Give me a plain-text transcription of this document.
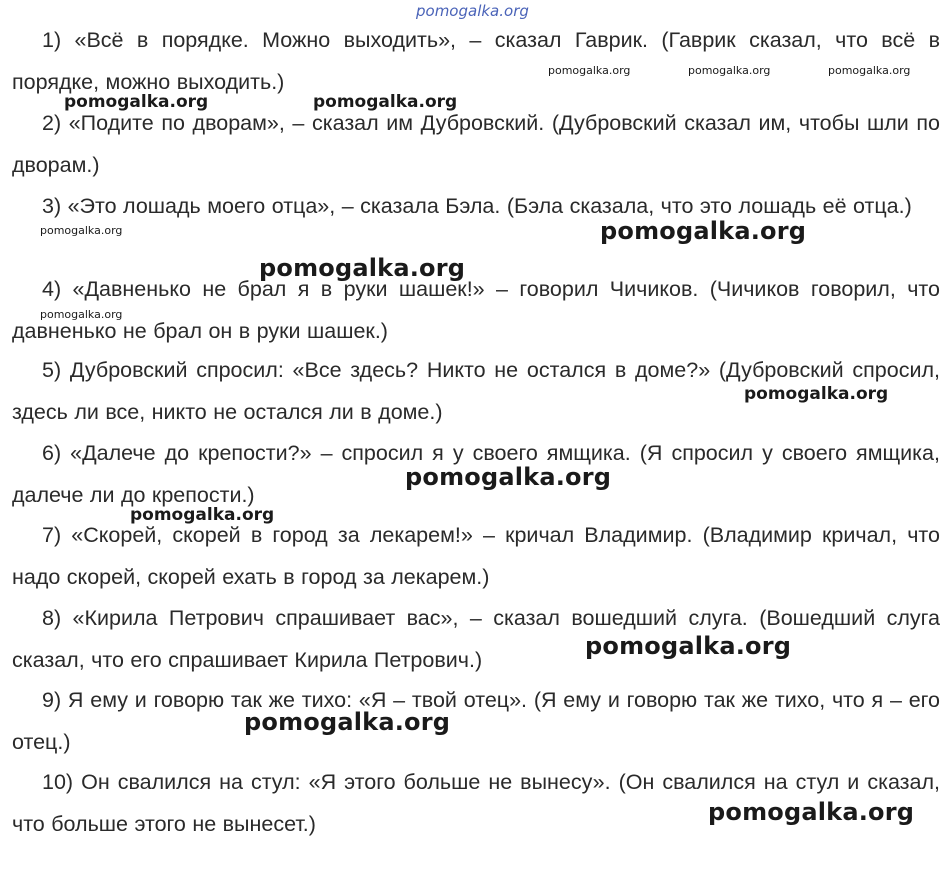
pomogalka.org

1) «Всё в порядке. Можно выходить», – сказал Гаврик. (Гаврик сказал, что всё в порядке, можно выходить.)

2) «Подите по дворам», – сказал им Дубровский. (Дубровский сказал им, чтобы шли по дворам.)

3) «Это лошадь моего отца», – сказала Бэла. (Бэла сказала, что это лошадь её отца.)

4) «Давненько не брал я в руки шашек!» – говорил Чичиков. (Чичиков говорил, что давненько не брал он в руки шашек.)

5) Дубровский спросил: «Все здесь? Никто не остался в доме?» (Дубровский спросил, здесь ли все, никто не остался ли в доме.)

6) «Далече до крепости?» – спросил я у своего ямщика. (Я спросил у своего ямщика, далече ли до крепости.)

7) «Скорей, скорей в город за лекарем!» – кричал Владимир. (Владимир кричал, что надо скорей, скорей ехать в город за лекарем.)

8) «Кирила Петрович спрашивает вас», – сказал вошедший слуга. (Вошедший слуга сказал, что его спрашивает Кирила Петрович.)

9) Я ему и говорю так же тихо: «Я – твой отец». (Я ему и говорю так же тихо, что я – его отец.)

10) Он свалился на стул: «Я этого больше не вынесу». (Он свалился на стул и сказал, что больше этого не вынесет.)

pomogalka.org	pomogalka.org	pomogalka.org
pomogalka.org	pomogalka.org
pomogalka.org	pomogalka.org
pomogalka.org
pomogalka.org
pomogalka.org
pomogalka.org
pomogalka.org
pomogalka.org
pomogalka.org
pomogalka.org
